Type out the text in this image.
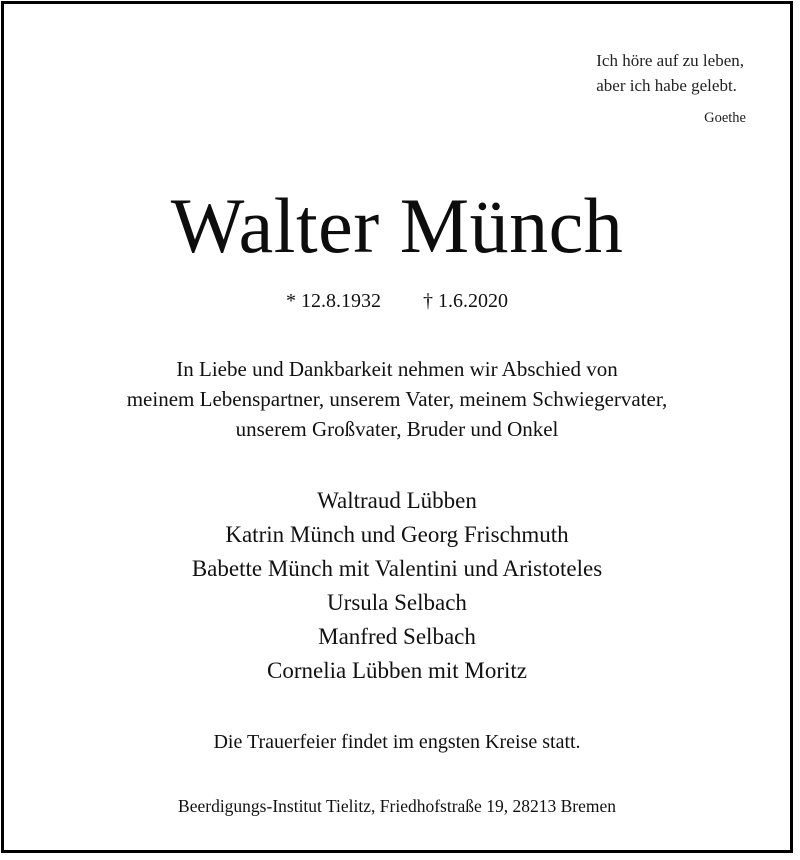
Ich höre auf zu leben,
aber ich habe gelebt.
Goethe
Walter Münch
* 12.8.1932 † 1.6.2020
In Liebe und Dankbarkeit nehmen wir Abschied von
meinem Lebenspartner, unserem Vater, meinem Schwiegervater,
unserem Großvater, Bruder und Onkel
Waltraud Lübben
Katrin Münch und Georg Frischmuth
Babette Münch mit Valentini und Aristoteles
Ursula Selbach
Manfred Selbach
Cornelia Lübben mit Moritz
Die Trauerfeier findet im engsten Kreise statt.
Beerdigungs-Institut Tielitz, Friedhofstraße 19, 28213 Bremen
